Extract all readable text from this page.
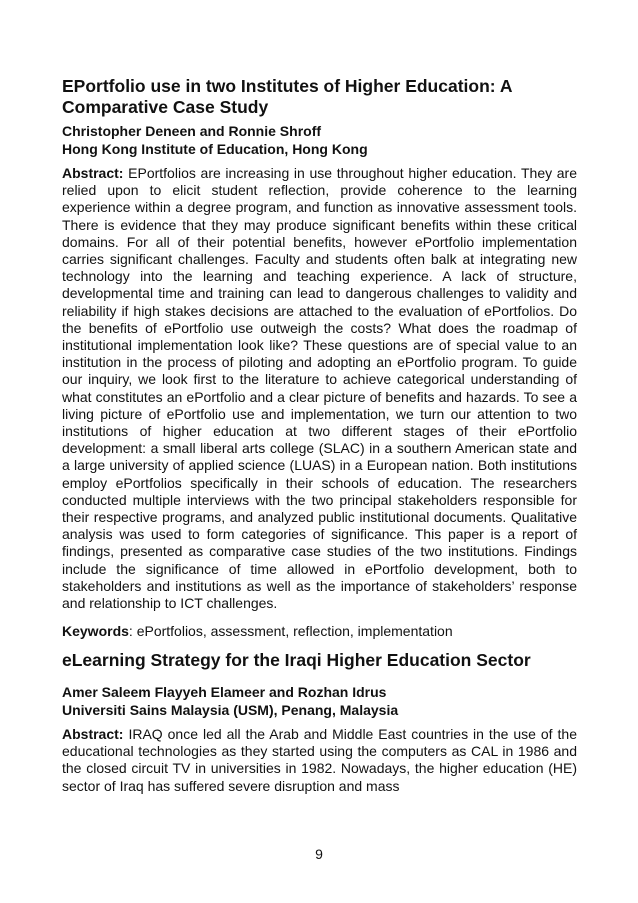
EPortfolio use in two Institutes of Higher Education: A Comparative Case Study
Christopher Deneen and Ronnie Shroff
Hong Kong Institute of Education, Hong Kong
Abstract: EPortfolios are increasing in use throughout higher education. They are relied upon to elicit student reflection, provide coherence to the learning experience within a degree program, and function as innovative assessment tools. There is evidence that they may produce significant benefits within these critical domains. For all of their potential benefits, however ePortfolio implementation carries significant challenges. Faculty and students often balk at integrating new technology into the learning and teaching experience. A lack of structure, developmental time and training can lead to dangerous challenges to validity and reliability if high stakes decisions are attached to the evaluation of ePortfolios. Do the benefits of ePortfolio use outweigh the costs? What does the roadmap of institutional implementation look like? These questions are of special value to an institution in the process of piloting and adopting an ePortfolio program. To guide our inquiry, we look first to the literature to achieve categorical understanding of what constitutes an ePortfolio and a clear picture of benefits and hazards. To see a living picture of ePortfolio use and implementation, we turn our attention to two institutions of higher education at two different stages of their ePortfolio development: a small liberal arts college (SLAC) in a southern American state and a large university of applied science (LUAS) in a European nation. Both institutions employ ePortfolios specifically in their schools of education. The researchers conducted multiple interviews with the two principal stakeholders responsible for their respective programs, and analyzed public institutional documents. Qualitative analysis was used to form categories of significance. This paper is a report of findings, presented as comparative case studies of the two institutions. Findings include the significance of time allowed in ePortfolio development, both to stakeholders and institutions as well as the importance of stakeholders’ response and relationship to ICT challenges.
Keywords: ePortfolios, assessment, reflection, implementation
eLearning Strategy for the Iraqi Higher Education Sector
Amer Saleem Flayyeh Elameer and Rozhan Idrus
Universiti Sains Malaysia (USM), Penang, Malaysia
Abstract: IRAQ once led all the Arab and Middle East countries in the use of the educational technologies as they started using the computers as CAL in 1986 and the closed circuit TV in universities in 1982. Nowadays, the higher education (HE) sector of Iraq has suffered severe disruption and mass
9
